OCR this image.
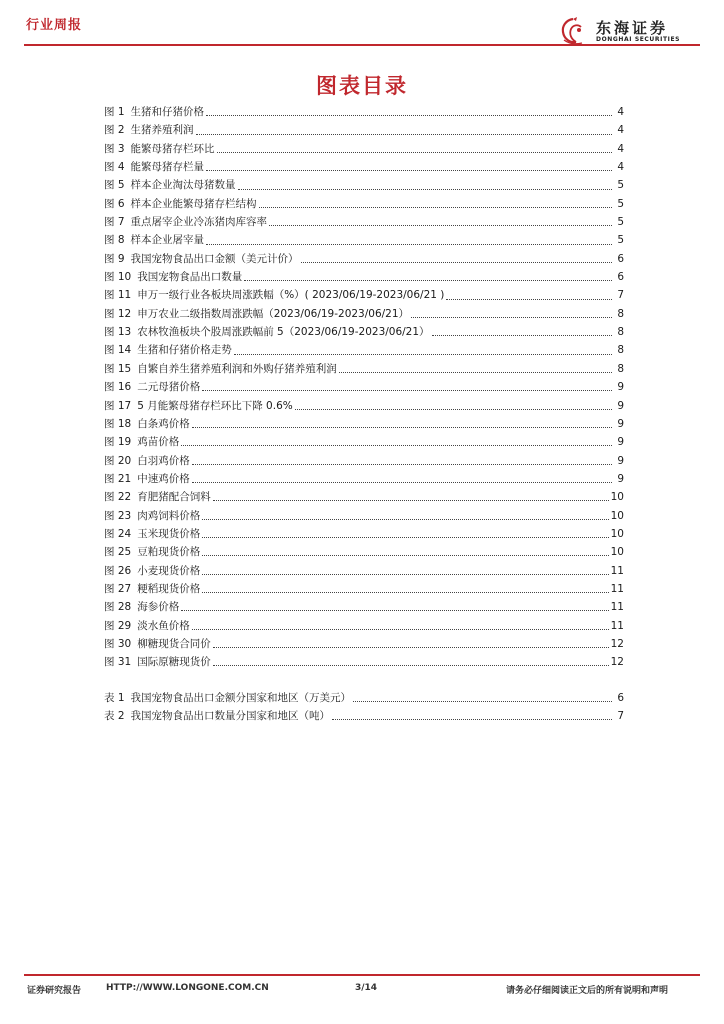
行业周报	东海证券
DONGHAI SECURITIES
图表目录
图 1 生猪和仔猪价格	4
图 2 生猪养殖利润	4
图 3 能繁母猪存栏环比	4
图 4 能繁母猪存栏量	4
图 5 样本企业淘汰母猪数量	5
图 6 样本企业能繁母猪存栏结构	5
图 7 重点屠宰企业冷冻猪肉库容率	5
图 8 样本企业屠宰量	5
图 9 我国宠物食品出口金额（美元计价）	6
图 10 我国宠物食品出口数量	6
图 11 申万一级行业各板块周涨跌幅（%）( 2023/06/19-2023/06/21 )	7
图 12 申万农业二级指数周涨跌幅（2023/06/19-2023/06/21）	8
图 13 农林牧渔板块个股周涨跌幅前 5（2023/06/19-2023/06/21）	8
图 14 生猪和仔猪价格走势	8
图 15 自繁自养生猪养殖利润和外购仔猪养殖利润	8
图 16 二元母猪价格	9
图 17 5 月能繁母猪存栏环比下降 0.6%	9
图 18 白条鸡价格	9
图 19 鸡苗价格	9
图 20 白羽鸡价格	9
图 21 中速鸡价格	9
图 22 育肥猪配合饲料	10
图 23 肉鸡饲料价格	10
图 24 玉米现货价格	10
图 25 豆粕现货价格	10
图 26 小麦现货价格	11
图 27 粳稻现货价格	11
图 28 海参价格	11
图 29 淡水鱼价格	11
图 30 柳糖现货合同价	12
图 31 国际原糖现货价	12
表 1 我国宠物食品出口金额分国家和地区（万美元）	6
表 2 我国宠物食品出口数量分国家和地区（吨）	7
证券研究报告	HTTP://WWW.LONGONE.COM.CN	3/14	请务必仔细阅读正文后的所有说明和声明
